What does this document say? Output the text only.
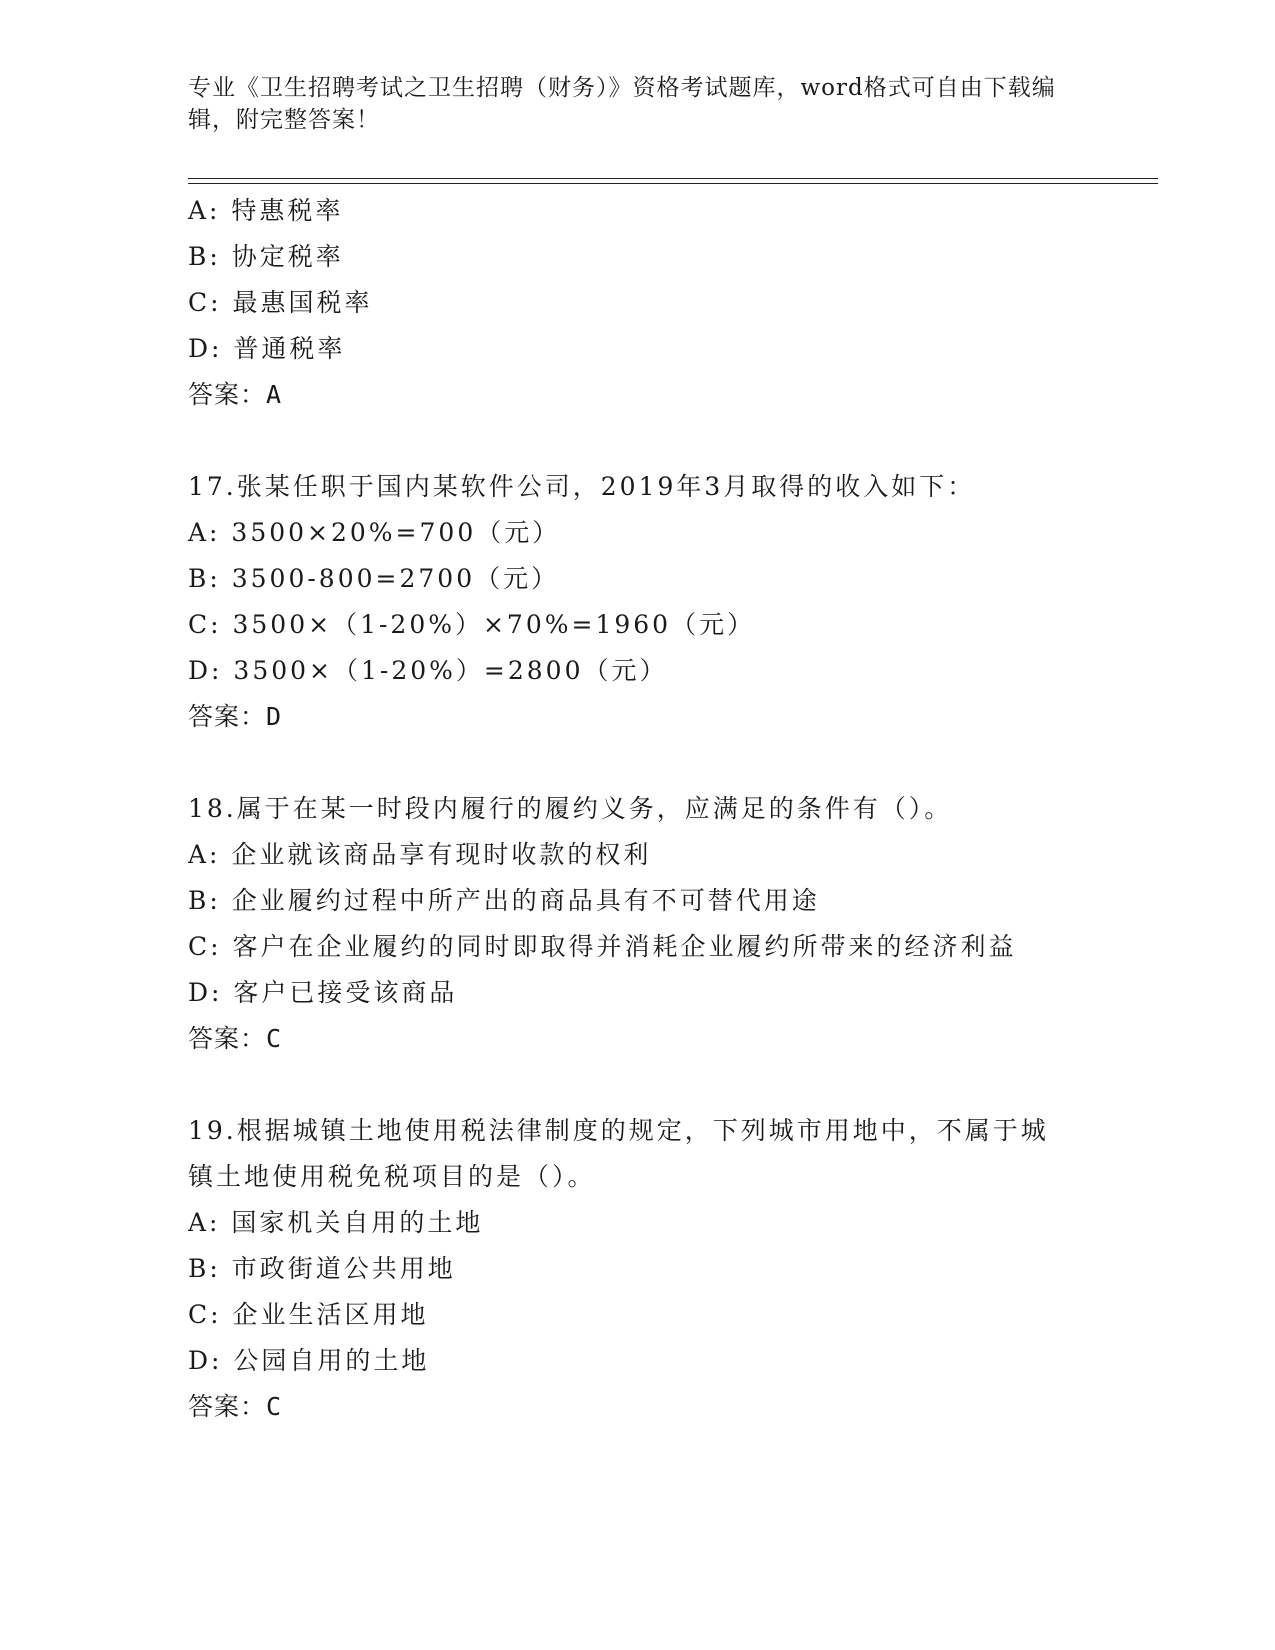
专业《卫生招聘考试之卫生招聘（财务）》资格考试题库，word格式可自由下载编辑，附完整答案！
A: 特惠税率
B: 协定税率
C: 最惠国税率
D: 普通税率
答案：A
17.张某任职于国内某软件公司，2019年3月取得的收入如下：
A: 3500×20%=700（元）
B: 3500-800=2700（元）
C: 3500×（1-20%）×70%=1960（元）
D: 3500×（1-20%）=2800（元）
答案：D
18.属于在某一时段内履行的履约义务，应满足的条件有（）。
A: 企业就该商品享有现时收款的权利
B: 企业履约过程中所产出的商品具有不可替代用途
C: 客户在企业履约的同时即取得并消耗企业履约所带来的经济利益
D: 客户已接受该商品
答案：C
19.根据城镇土地使用税法律制度的规定，下列城市用地中，不属于城
镇土地使用税免税项目的是（）。
A: 国家机关自用的土地
B: 市政街道公共用地
C: 企业生活区用地
D: 公园自用的土地
答案：C
